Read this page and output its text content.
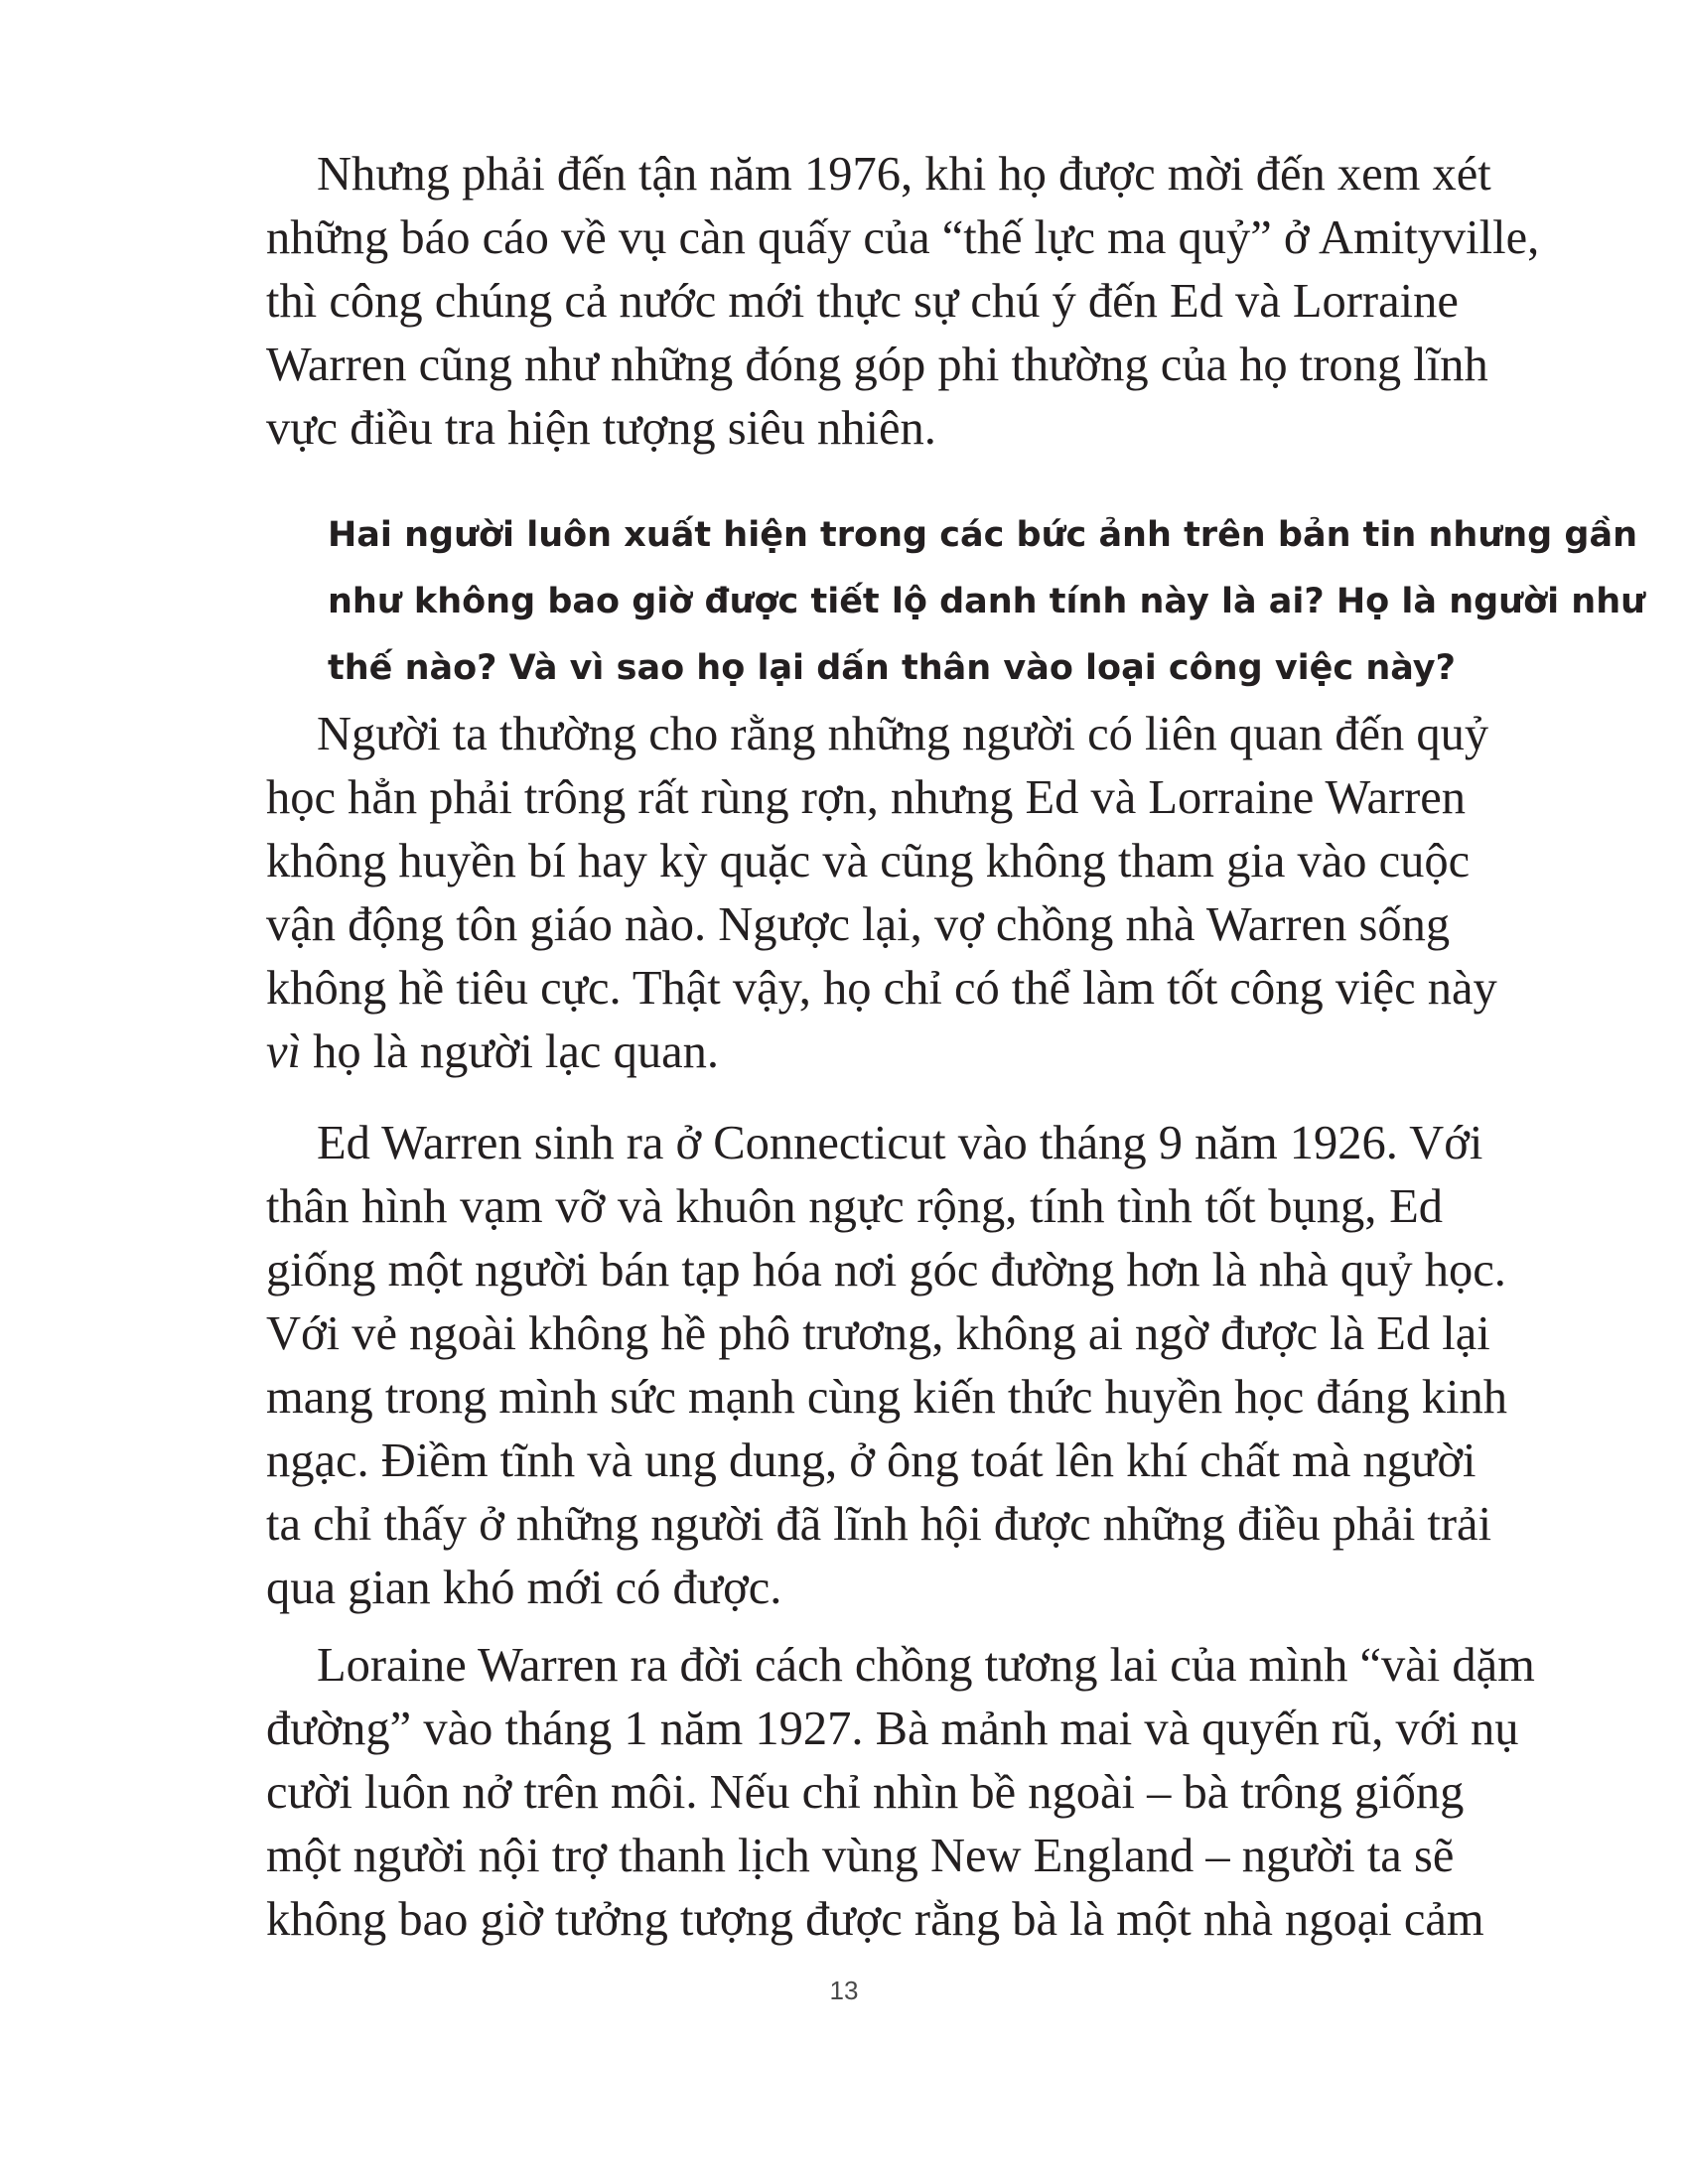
Nhưng phải đến tận năm 1976, khi họ được mời đến xem xét
những báo cáo về vụ càn quấy của “thế lực ma quỷ” ở Amityville,
thì công chúng cả nước mới thực sự chú ý đến Ed và Lorraine
Warren cũng như những đóng góp phi thường của họ trong lĩnh
vực điều tra hiện tượng siêu nhiên.

Hai người luôn xuất hiện trong các bức ảnh trên bản tin nhưng gần
như không bao giờ được tiết lộ danh tính này là ai? Họ là người như
thế nào? Và vì sao họ lại dấn thân vào loại công việc này?

Người ta thường cho rằng những người có liên quan đến quỷ
học hẳn phải trông rất rùng rợn, nhưng Ed và Lorraine Warren
không huyền bí hay kỳ quặc và cũng không tham gia vào cuộc
vận động tôn giáo nào. Ngược lại, vợ chồng nhà Warren sống
không hề tiêu cực. Thật vậy, họ chỉ có thể làm tốt công việc này
vì họ là người lạc quan.

Ed Warren sinh ra ở Connecticut vào tháng 9 năm 1926. Với
thân hình vạm vỡ và khuôn ngực rộng, tính tình tốt bụng, Ed
giống một người bán tạp hóa nơi góc đường hơn là nhà quỷ học.
Với vẻ ngoài không hề phô trương, không ai ngờ được là Ed lại
mang trong mình sức mạnh cùng kiến thức huyền học đáng kinh
ngạc. Điềm tĩnh và ung dung, ở ông toát lên khí chất mà người
ta chỉ thấy ở những người đã lĩnh hội được những điều phải trải
qua gian khó mới có được.

Loraine Warren ra đời cách chồng tương lai của mình “vài dặm
đường” vào tháng 1 năm 1927. Bà mảnh mai và quyến rũ, với nụ
cười luôn nở trên môi. Nếu chỉ nhìn bề ngoài – bà trông giống
một người nội trợ thanh lịch vùng New England – người ta sẽ
không bao giờ tưởng tượng được rằng bà là một nhà ngoại cảm

13
